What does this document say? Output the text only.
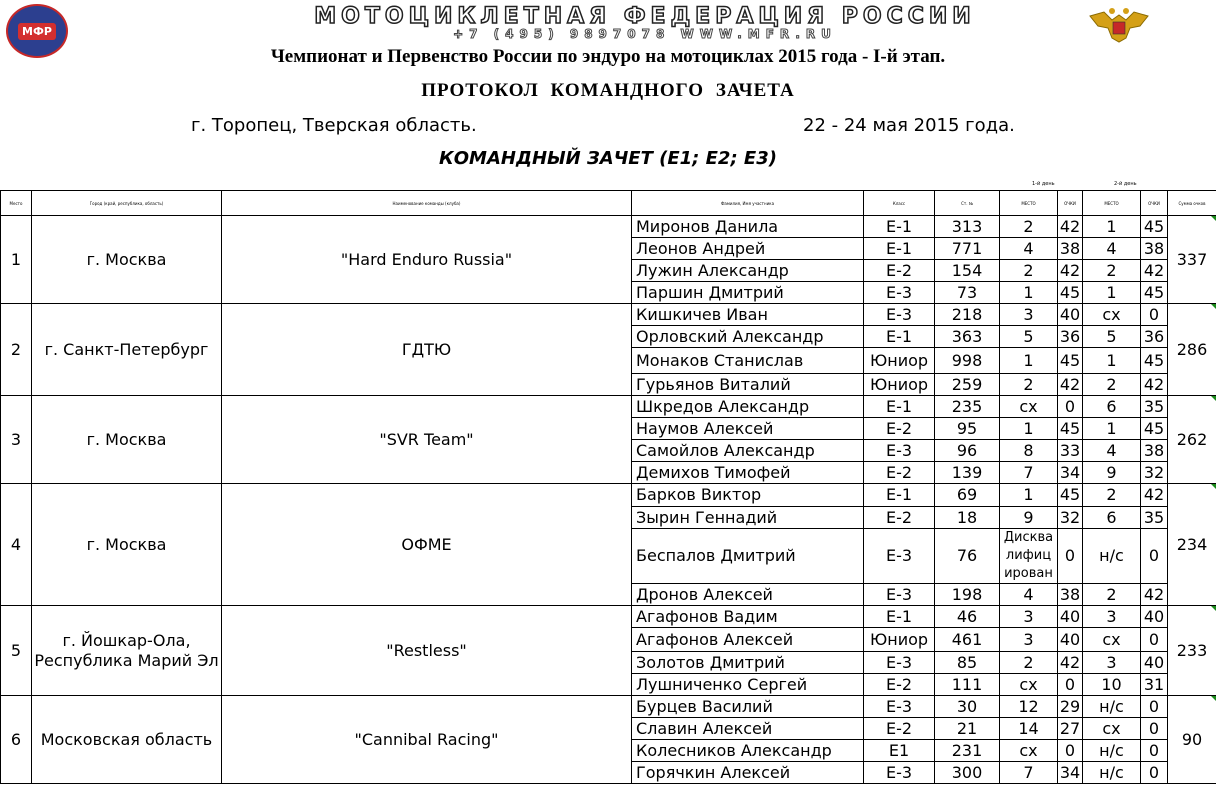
МФР
МОТОЦИКЛЕТНАЯ ФЕДЕРАЦИЯ РОССИИ
+7 (495) 9897078 WWW.MFR.RU
Чемпионат и Первенство России по эндуро на мотоциклах 2015 года - I-й этап.
ПРОТОКОЛ КОМАНДНОГО ЗАЧЕТА
г. Торопец, Тверская область.	22 - 24 мая 2015 года.
КОМАНДНЫЙ ЗАЧЕТ (Е1; Е2; Е3)
1-й день	2-й день
Место	Город (край, республика, область)	Наименование команды (клуба)	Фамилия, Имя участника	Класс	Ст. №	МЕСТО	ОЧКИ	МЕСТО	ОЧКИ	Сумма очков
1	г. Москва	"Hard Enduro Russia"	Миронов Данила	Е-1	313	2	42	1	45	337
			Леонов Андрей	Е-1	771	4	38	4	38	
			Лужин Александр	Е-2	154	2	42	2	42	
			Паршин Дмитрий	Е-3	73	1	45	1	45	
2	г. Санкт-Петербург	ГДТЮ	Кишкичев Иван	Е-3	218	3	40	сх	0	286
			Орловский Александр	Е-1	363	5	36	5	36	
			Монаков Станислав	Юниор	998	1	45	1	45	
			Гурьянов Виталий	Юниор	259	2	42	2	42	
3	г. Москва	"SVR Team"	Шкредов Александр	Е-1	235	сх	0	6	35	262
			Наумов Алексей	Е-2	95	1	45	1	45	
			Самойлов Александр	Е-3	96	8	33	4	38	
			Демихов Тимофей	Е-2	139	7	34	9	32	
4	г. Москва	ОФМЕ	Барков Виктор	Е-1	69	1	45	2	42	234
			Зырин Геннадий	Е-2	18	9	32	6	35	
			Беспалов Дмитрий	Е-3	76	Дисква лифиц ирован	0	н/с	0	
			Дронов Алексей	Е-3	198	4	38	2	42	
5	г. Йошкар-Ола, Республика Марий Эл	"Restless"	Агафонов Вадим	Е-1	46	3	40	3	40	233
			Агафонов Алексей	Юниор	461	3	40	сх	0	
			Золотов Дмитрий	Е-3	85	2	42	3	40	
			Лушниченко Сергей	Е-2	111	сх	0	10	31	
6	Московская область	"Cannibal Racing"	Бурцев Василий	Е-3	30	12	29	н/с	0	90
			Славин Алексей	Е-2	21	14	27	сх	0	
			Колесников Александр	Е1	231	сх	0	н/с	0	
			Горячкин Алексей	Е-3	300	7	34	н/с	0	
